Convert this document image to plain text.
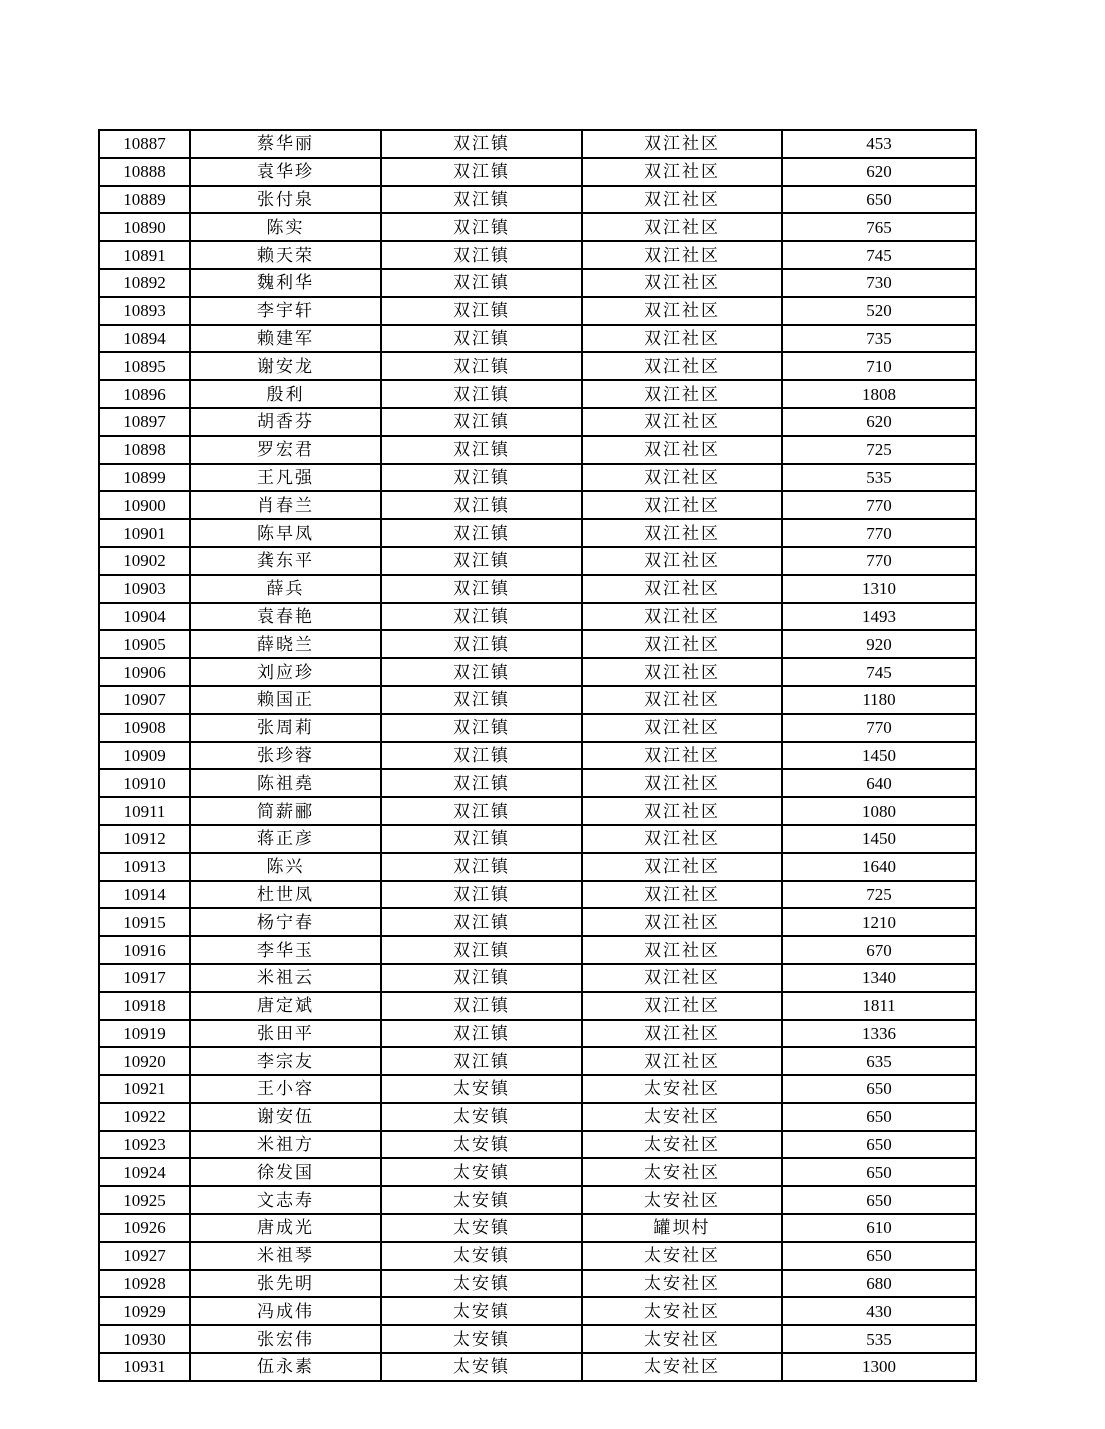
10887	蔡华丽	双江镇	双江社区	453
10888	袁华珍	双江镇	双江社区	620
10889	张付泉	双江镇	双江社区	650
10890	陈实	双江镇	双江社区	765
10891	赖天荣	双江镇	双江社区	745
10892	魏利华	双江镇	双江社区	730
10893	李宇轩	双江镇	双江社区	520
10894	赖建军	双江镇	双江社区	735
10895	谢安龙	双江镇	双江社区	710
10896	殷利	双江镇	双江社区	1808
10897	胡香芬	双江镇	双江社区	620
10898	罗宏君	双江镇	双江社区	725
10899	王凡强	双江镇	双江社区	535
10900	肖春兰	双江镇	双江社区	770
10901	陈早凤	双江镇	双江社区	770
10902	龚东平	双江镇	双江社区	770
10903	薛兵	双江镇	双江社区	1310
10904	袁春艳	双江镇	双江社区	1493
10905	薛晓兰	双江镇	双江社区	920
10906	刘应珍	双江镇	双江社区	745
10907	赖国正	双江镇	双江社区	1180
10908	张周莉	双江镇	双江社区	770
10909	张珍蓉	双江镇	双江社区	1450
10910	陈祖堯	双江镇	双江社区	640
10911	简薪郦	双江镇	双江社区	1080
10912	蒋正彦	双江镇	双江社区	1450
10913	陈兴	双江镇	双江社区	1640
10914	杜世凤	双江镇	双江社区	725
10915	杨宁春	双江镇	双江社区	1210
10916	李华玉	双江镇	双江社区	670
10917	米祖云	双江镇	双江社区	1340
10918	唐定斌	双江镇	双江社区	1811
10919	张田平	双江镇	双江社区	1336
10920	李宗友	双江镇	双江社区	635
10921	王小容	太安镇	太安社区	650
10922	谢安伍	太安镇	太安社区	650
10923	米祖方	太安镇	太安社区	650
10924	徐发国	太安镇	太安社区	650
10925	文志寿	太安镇	太安社区	650
10926	唐成光	太安镇	罐坝村	610
10927	米祖琴	太安镇	太安社区	650
10928	张先明	太安镇	太安社区	680
10929	冯成伟	太安镇	太安社区	430
10930	张宏伟	太安镇	太安社区	535
10931	伍永素	太安镇	太安社区	1300
